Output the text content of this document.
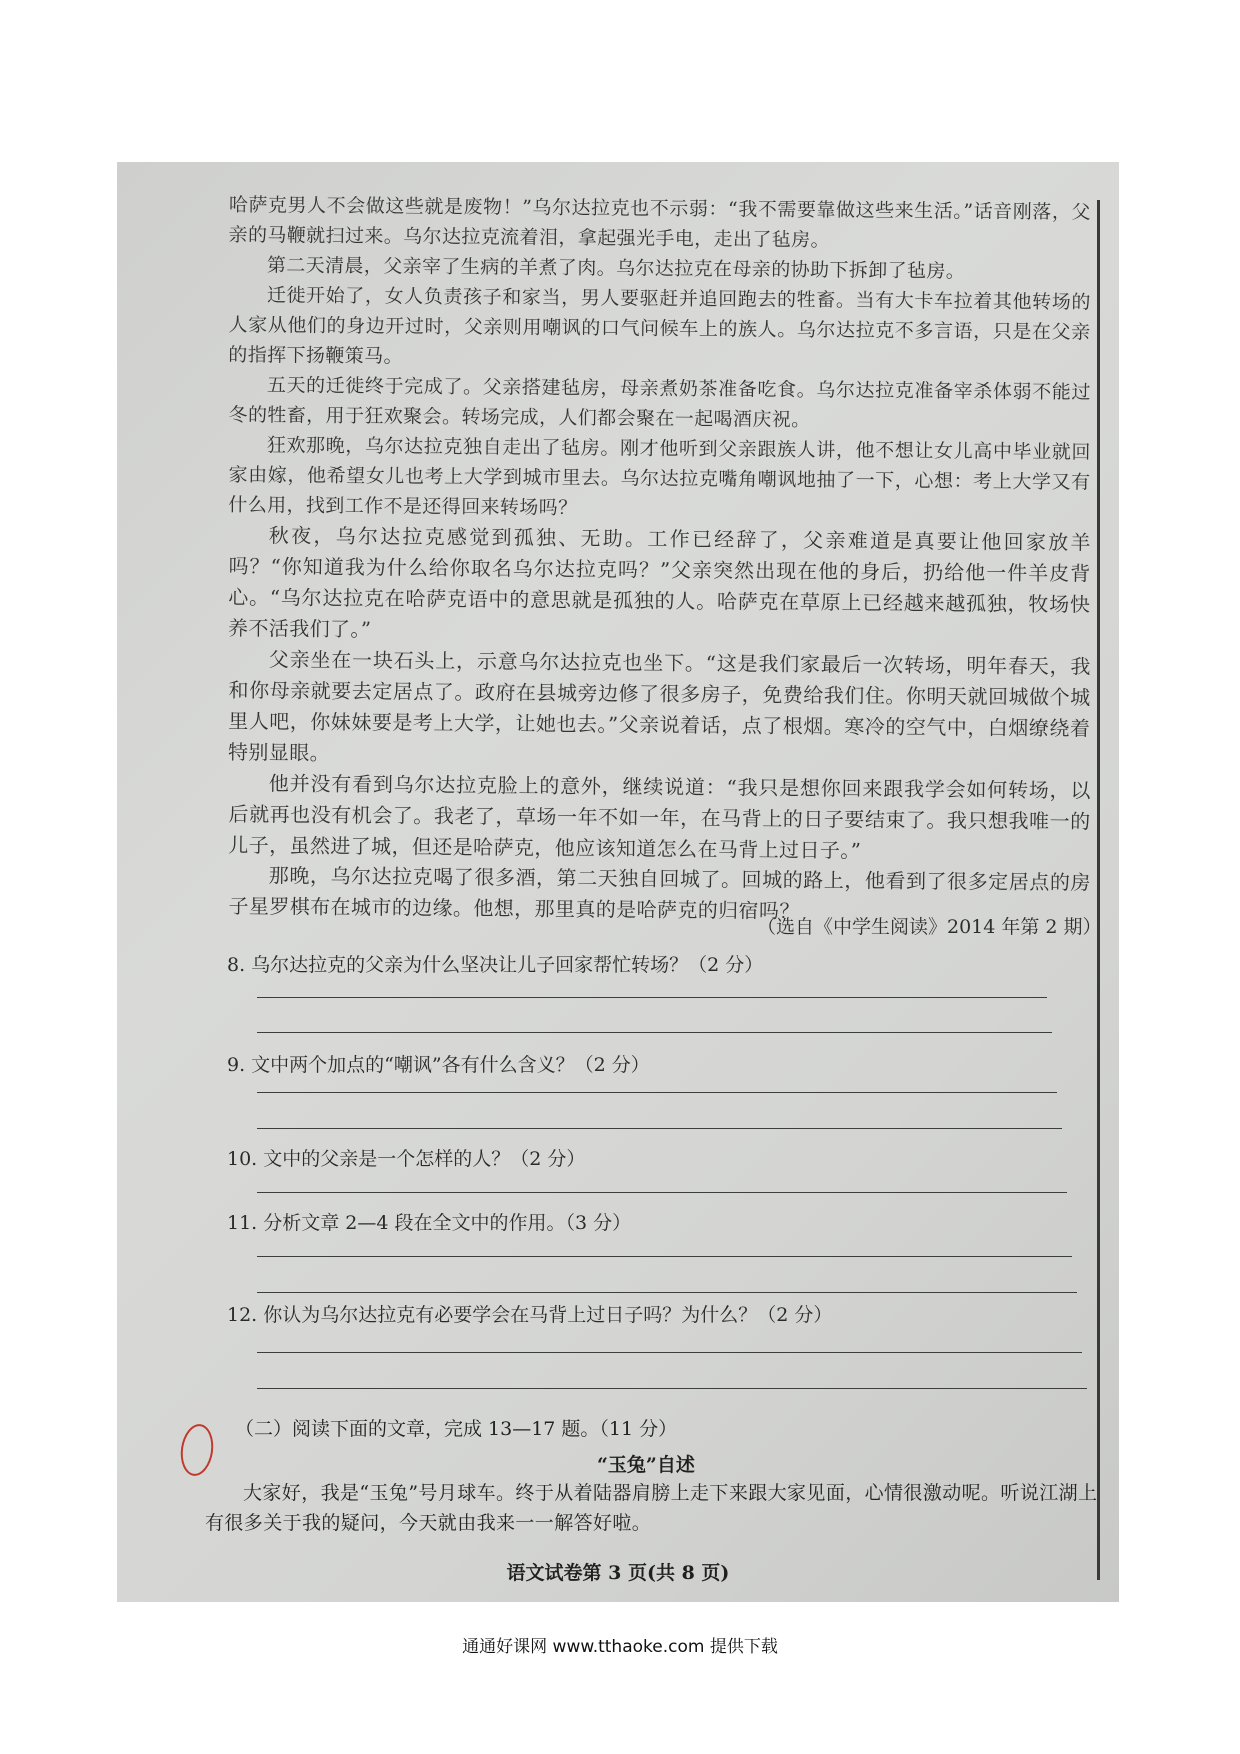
哈萨克男人不会做这些就是废物！”乌尔达拉克也不示弱：“我不需要靠做这些来生活。”话音刚落，父亲的马鞭就扫过来。乌尔达拉克流着泪，拿起强光手电，走出了毡房。

第二天清晨，父亲宰了生病的羊煮了肉。乌尔达拉克在母亲的协助下拆卸了毡房。

迁徙开始了，女人负责孩子和家当，男人要驱赶并追回跑去的牲畜。当有大卡车拉着其他转场的人家从他们的身边开过时，父亲则用嘲讽的口气问候车上的族人。乌尔达拉克不多言语，只是在父亲的指挥下扬鞭策马。

五天的迁徙终于完成了。父亲搭建毡房，母亲煮奶茶准备吃食。乌尔达拉克准备宰杀体弱不能过冬的牲畜，用于狂欢聚会。转场完成，人们都会聚在一起喝酒庆祝。

狂欢那晚，乌尔达拉克独自走出了毡房。刚才他听到父亲跟族人讲，他不想让女儿高中毕业就回家由嫁，他希望女儿也考上大学到城市里去。乌尔达拉克嘴角嘲讽地抽了一下，心想：考上大学又有什么用，找到工作不是还得回来转场吗？

秋夜，乌尔达拉克感觉到孤独、无助。工作已经辞了，父亲难道是真要让他回家放羊吗？“你知道我为什么给你取名乌尔达拉克吗？”父亲突然出现在他的身后，扔给他一件羊皮背心。“乌尔达拉克在哈萨克语中的意思就是孤独的人。哈萨克在草原上已经越来越孤独，牧场快养不活我们了。”

父亲坐在一块石头上，示意乌尔达拉克也坐下。“这是我们家最后一次转场，明年春天，我和你母亲就要去定居点了。政府在县城旁边修了很多房子，免费给我们住。你明天就回城做个城里人吧，你妹妹要是考上大学，让她也去。”父亲说着话，点了根烟。寒冷的空气中，白烟缭绕着特别显眼。

他并没有看到乌尔达拉克脸上的意外，继续说道：“我只是想你回来跟我学会如何转场，以后就再也没有机会了。我老了，草场一年不如一年，在马背上的日子要结束了。我只想我唯一的儿子，虽然进了城，但还是哈萨克，他应该知道怎么在马背上过日子。”

那晚，乌尔达拉克喝了很多酒，第二天独自回城了。回城的路上，他看到了很多定居点的房子星罗棋布在城市的边缘。他想，那里真的是哈萨克的归宿吗？

（选自《中学生阅读》2014 年第 2 期）

8. 乌尔达拉克的父亲为什么坚决让儿子回家帮忙转场？（2 分）

9. 文中两个加点的“嘲讽”各有什么含义？（2 分）

10. 文中的父亲是一个怎样的人？（2 分）

11. 分析文章 2—4 段在全文中的作用。（3 分）

12. 你认为乌尔达拉克有必要学会在马背上过日子吗？为什么？（2 分）

（二）阅读下面的文章，完成 13—17 题。（11 分）
“玉兔”自述

大家好，我是“玉兔”号月球车。终于从着陆器肩膀上走下来跟大家见面，心情很激动呢。听说江湖上有很多关于我的疑问，今天就由我来一一解答好啦。

语文试卷第 3 页(共 8 页)
通通好课网 www.tthaoke.com 提供下载
